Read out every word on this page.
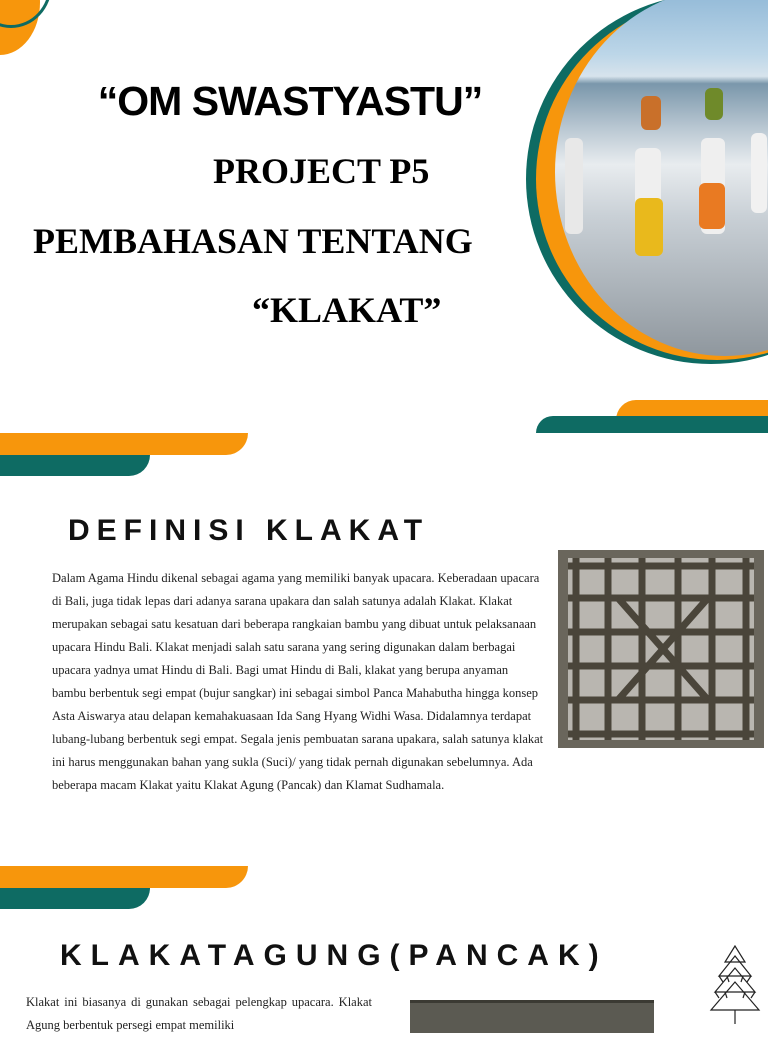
“OM SWASTYASTU”
PROJECT P5
PEMBAHASAN TENTANG
“KLAKAT”
DEFINISI KLAKAT
Dalam Agama Hindu dikenal sebagai agama yang memiliki banyak upacara. Keberadaan upacara di Bali, juga tidak lepas dari adanya sarana upakara dan salah satunya adalah Klakat. Klakat merupakan sebagai satu kesatuan dari beberapa rangkaian bambu yang dibuat untuk pelaksanaan upacara Hindu Bali. Klakat menjadi salah satu sarana yang sering digunakan dalam berbagai upacara yadnya umat Hindu di Bali. Bagi umat Hindu di Bali, klakat yang berupa anyaman bambu berbentuk segi empat (bujur sangkar) ini sebagai simbol Panca Mahabutha hingga konsep Asta Aiswarya atau delapan kemahakuasaan Ida Sang Hyang Widhi Wasa. Didalamnya terdapat lubang-lubang berbentuk segi empat. Segala jenis pembuatan sarana upakara, salah satunya klakat ini harus menggunakan bahan yang sukla (Suci)/ yang tidak pernah digunakan sebelumnya. Ada beberapa macam Klakat yaitu Klakat Agung (Pancak) dan Klamat Sudhamala.
KLAKATAGUNG(PANCAK)
Klakat ini biasanya di gunakan sebagai pelengkap upacara. Klakat Agung berbentuk persegi empat memiliki
